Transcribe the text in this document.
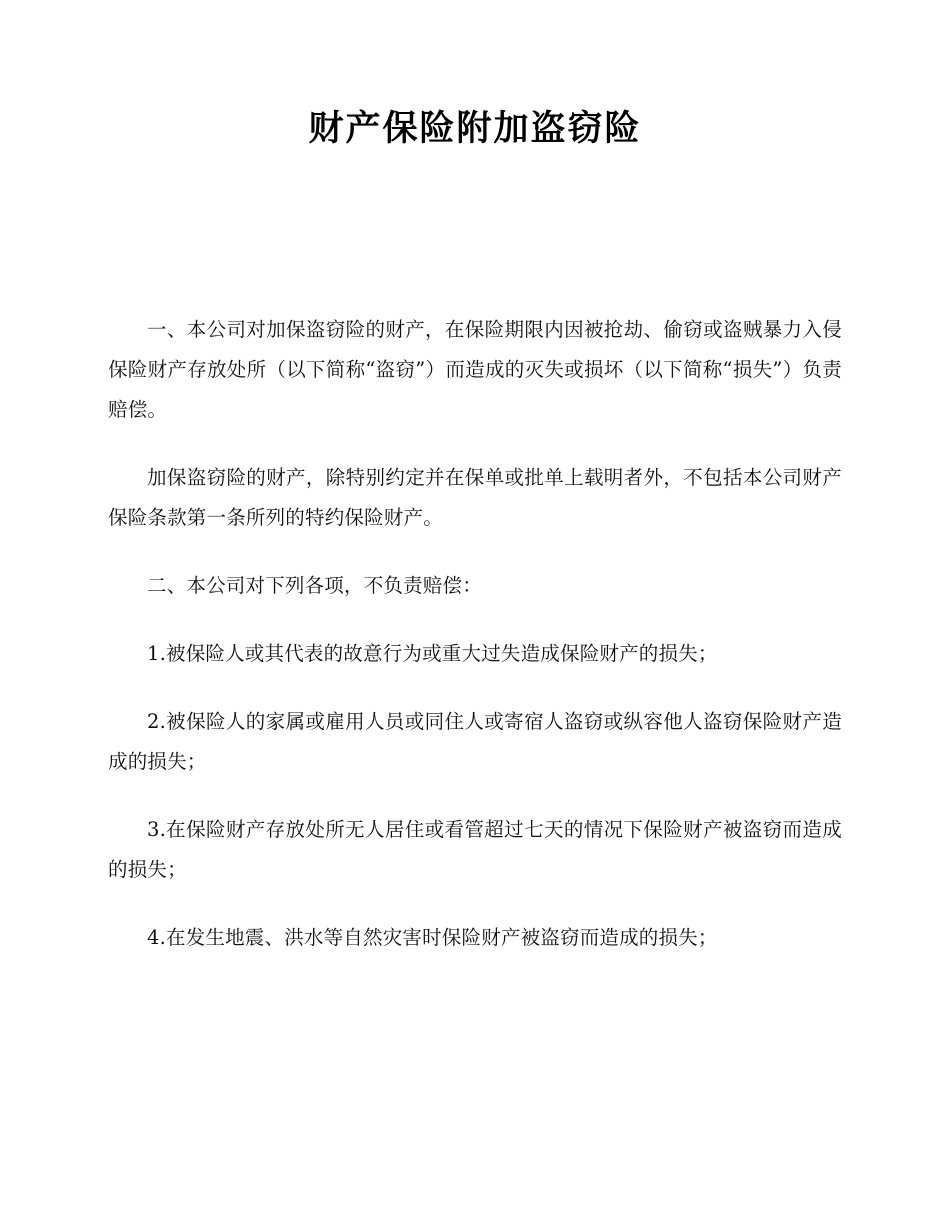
财产保险附加盗窃险

一、本公司对加保盗窃险的财产，在保险期限内因被抢劫、偷窃或盗贼暴力入侵保险财产存放处所（以下简称“盗窃”）而造成的灭失或损坏（以下简称“损失”）负责赔偿。

加保盗窃险的财产，除特别约定并在保单或批单上载明者外，不包括本公司财产保险条款第一条所列的特约保险财产。

二、本公司对下列各项，不负责赔偿：

1.被保险人或其代表的故意行为或重大过失造成保险财产的损失；

2.被保险人的家属或雇用人员或同住人或寄宿人盗窃或纵容他人盗窃保险财产造成的损失；

3.在保险财产存放处所无人居住或看管超过七天的情况下保险财产被盗窃而造成的损失；

4.在发生地震、洪水等自然灾害时保险财产被盗窃而造成的损失；
